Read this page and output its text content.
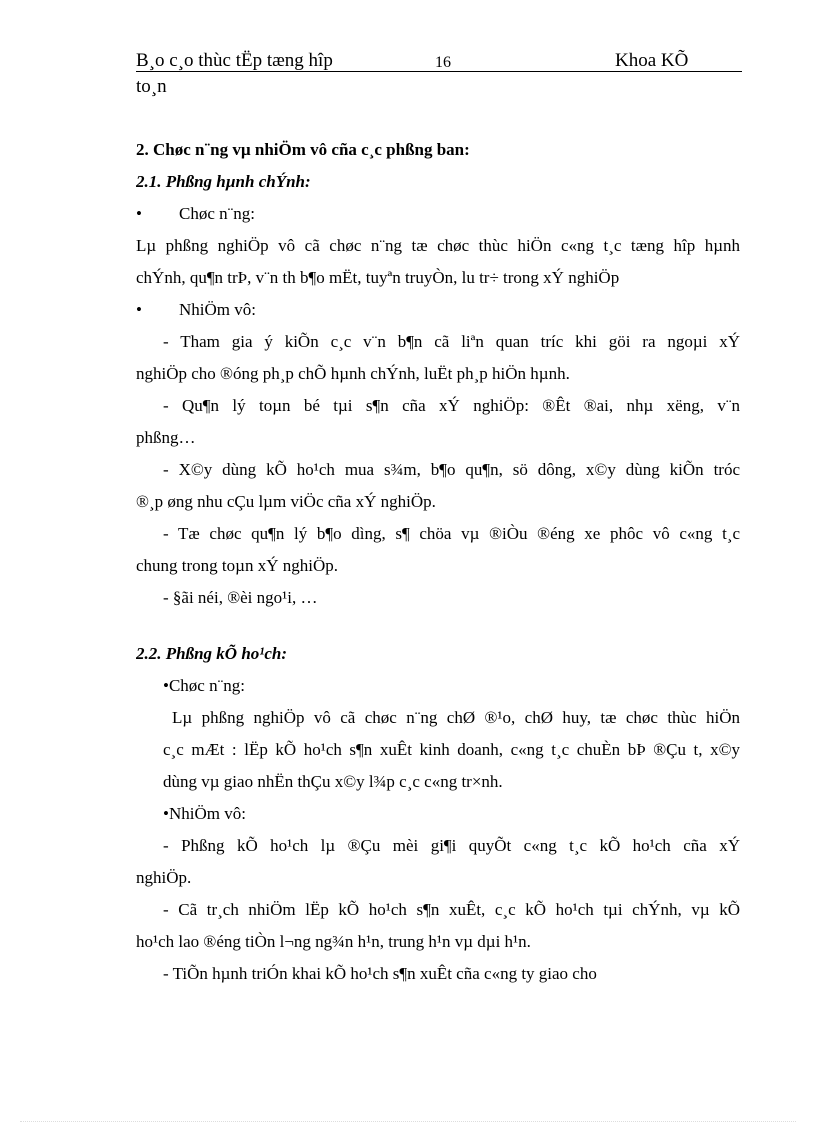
B¸o c¸o thùc tËp tæng hîp	16	Khoa KÕ
to¸n
2. Chøc n¨ng vµ nhiÖm vô cña c¸c phßng ban:
2.1. Phßng hµnh chÝnh:
• Chøc n¨ng:
Lµ phßng nghiÖp vô cã chøc n¨ng tæ chøc thùc hiÖn c«ng t¸c tæng hîp hµnh
chÝnh, qu¶n trÞ, v¨n th b¶o mËt, tuyªn truyÒn, lu tr÷ trong xÝ nghiÖp
• NhiÖm vô:
- Tham gia ý kiÕn c¸c v¨n b¶n cã liªn quan tríc khi göi ra ngoµi xÝ
nghiÖp cho ®óng ph¸p chÕ hµnh chÝnh, luËt ph¸p hiÖn hµnh.
- Qu¶n lý toµn bé tµi s¶n cña xÝ nghiÖp: ®Êt ®ai, nhµ xëng, v¨n
phßng…
- X©y dùng kÕ ho¹ch mua s¾m, b¶o qu¶n, sö dông, x©y dùng kiÕn tróc
®¸p øng nhu cÇu lµm viÖc cña xÝ nghiÖp.
- Tæ chøc qu¶n lý b¶o dìng, s¶ chöa vµ ®iÒu ®éng xe phôc vô c«ng t¸c
chung trong toµn xÝ nghiÖp.
- §ãi néi, ®èi ngo¹i, …
2.2. Phßng kÕ ho¹ch:
•Chøc n¨ng:
Lµ phßng nghiÖp vô cã chøc n¨ng chØ ®¹o, chØ huy, tæ chøc thùc hiÖn
c¸c mÆt : lËp kÕ ho¹ch s¶n xuÊt kinh doanh, c«ng t¸c chuÈn bÞ ®Çu t, x©y
dùng vµ giao nhËn thÇu x©y l¾p c¸c c«ng tr×nh.
•NhiÖm vô:
- Phßng kÕ ho¹ch lµ ®Çu mèi gi¶i quyÕt c«ng t¸c kÕ ho¹ch cña xÝ
nghiÖp.
- Cã tr¸ch nhiÖm lËp kÕ ho¹ch s¶n xuÊt, c¸c kÕ ho¹ch tµi chÝnh, vµ kÕ
ho¹ch lao ®éng tiÒn l¬ng ng¾n h¹n, trung h¹n vµ dµi h¹n.
- TiÕn hµnh triÓn khai kÕ ho¹ch s¶n xuÊt cña c«ng ty giao cho
